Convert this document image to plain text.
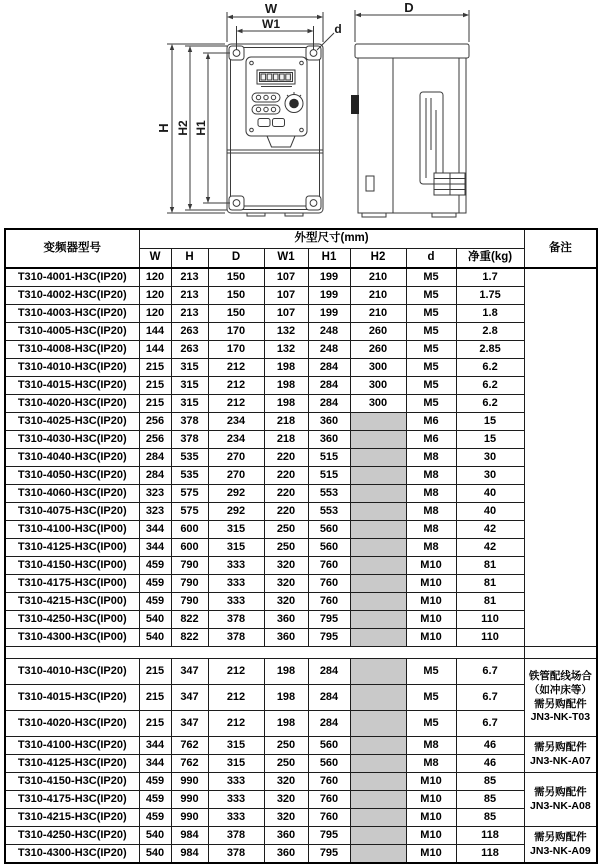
W
W1	d
H H2 H1
D
变频器型号	外型尺寸(mm)								备注
	W	H	D	W1	H1	H2	d	净重(kg)	
T310-4001-H3C(IP20)	120	213	150	107	199	210	M5	1.7	
T310-4002-H3C(IP20)	120	213	150	107	199	210	M5	1.75	
T310-4003-H3C(IP20)	120	213	150	107	199	210	M5	1.8	
T310-4005-H3C(IP20)	144	263	170	132	248	260	M5	2.8	
T310-4008-H3C(IP20)	144	263	170	132	248	260	M5	2.85	
T310-4010-H3C(IP20)	215	315	212	198	284	300	M5	6.2	
T310-4015-H3C(IP20)	215	315	212	198	284	300	M5	6.2	
T310-4020-H3C(IP20)	215	315	212	198	284	300	M5	6.2	
T310-4025-H3C(IP20)	256	378	234	218	360		M6	15	
T310-4030-H3C(IP20)	256	378	234	218	360		M6	15	
T310-4040-H3C(IP20)	284	535	270	220	515		M8	30	
T310-4050-H3C(IP20)	284	535	270	220	515		M8	30	
T310-4060-H3C(IP20)	323	575	292	220	553		M8	40	
T310-4075-H3C(IP20)	323	575	292	220	553		M8	40	
T310-4100-H3C(IP00)	344	600	315	250	560		M8	42	
T310-4125-H3C(IP00)	344	600	315	250	560		M8	42	
T310-4150-H3C(IP00)	459	790	333	320	760		M10	81	
T310-4175-H3C(IP00)	459	790	333	320	760		M10	81	
T310-4215-H3C(IP00)	459	790	333	320	760		M10	81	
T310-4250-H3C(IP00)	540	822	378	360	795		M10	110	
T310-4300-H3C(IP00)	540	822	378	360	795		M10	110	

T310-4010-H3C(IP20)	215	347	212	198	284		M5	6.7	铁管配线场合
（如冲床等）
需另购配件
JN3-NK-T03

T310-4015-H3C(IP20)	215	347	212	198	284		M5	6.7	
T310-4020-H3C(IP20)	215	347	212	198	284		M5	6.7	
T310-4100-H3C(IP20)	344	762	315	250	560		M8	46	需另购配件
JN3-NK-A07

T310-4125-H3C(IP20)	344	762	315	250	560		M8	46	
T310-4150-H3C(IP20)	459	990	333	320	760		M10	85	需另购配件
JN3-NK-A08

T310-4175-H3C(IP20)	459	990	333	320	760		M10	85	
T310-4215-H3C(IP20)	459	990	333	320	760		M10	85	
T310-4250-H3C(IP20)	540	984	378	360	795		M10	118	需另购配件
JN3-NK-A09

T310-4300-H3C(IP20)	540	984	378	360	795		M10	118	
